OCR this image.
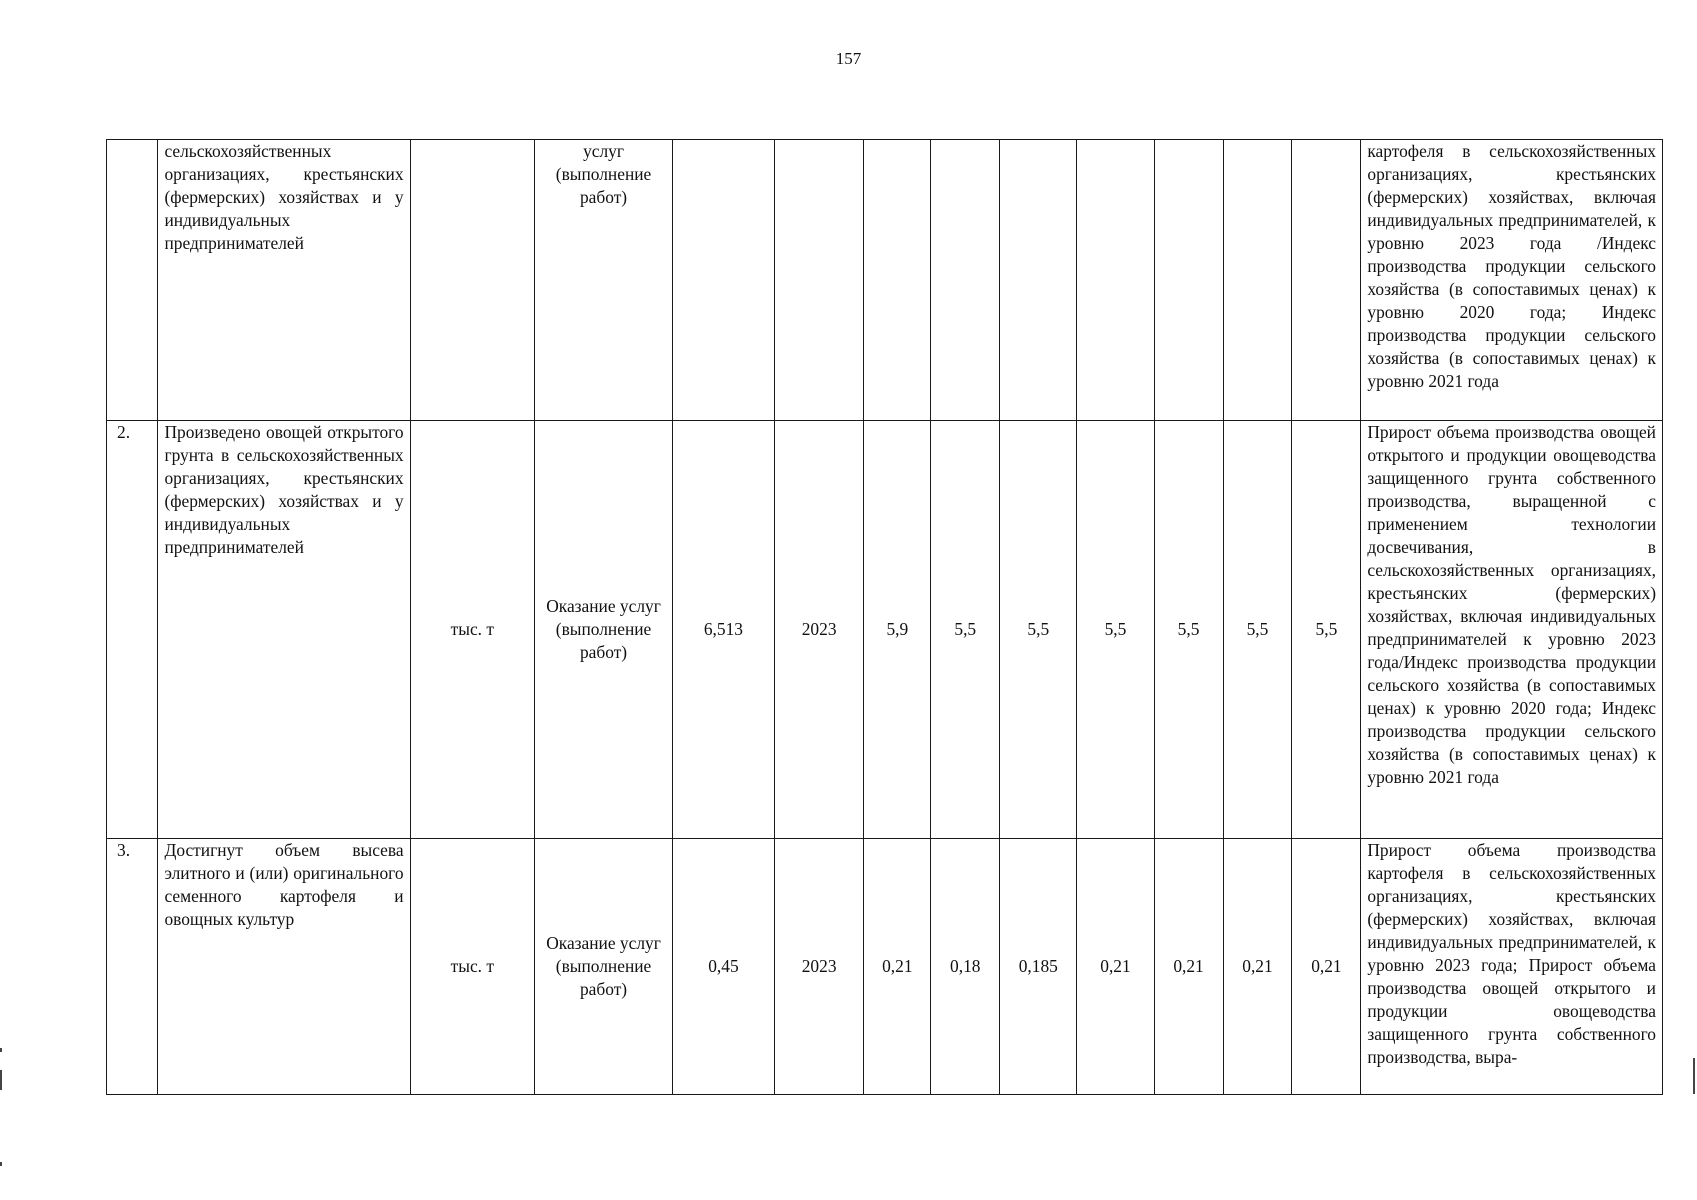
157
	сельскохозяйственных организациях, крестьянских (фермерских) хозяйствах и у индивидуальных предпринимателей		услуг (выполнение работ)										картофеля в сельскохозяйственных организациях, крестьянских (фермерских) хозяйствах, включая индивидуальных предпринимателей, к уровню 2023 года /Индекс производства продукции сельского хозяйства (в сопоставимых ценах) к уровню 2020 года; Индекс производства продукции сельского хозяйства (в сопоставимых ценах) к уровню 2021 года
2.	Произведено овощей открытого грунта в сельскохозяйственных организациях, крестьянских (фермерских) хозяйствах и у индивидуальных предпринимателей	тыс. т	Оказание услуг (выполнение работ)	6,513	2023	5,9	5,5	5,5	5,5	5,5	5,5	5,5	Прирост объема производства овощей открытого и продукции овощеводства защищенного грунта собственного производства, выращенной с применением технологии досвечивания, в сельскохозяйственных организациях, крестьянских (фермерских) хозяйствах, включая индивидуальных предпринимателей к уровню 2023 года/Индекс производства продукции сельского хозяйства (в сопоставимых ценах) к уровню 2020 года; Индекс производства продукции сельского хозяйства (в сопоставимых ценах) к уровню 2021 года
3.	Достигнут объем высева элитного и (или) оригинального семенного картофеля и овощных культур	тыс. т	Оказание услуг (выполнение работ)	0,45	2023	0,21	0,18	0,185	0,21	0,21	0,21	0,21	Прирост объема производства картофеля в сельскохозяйственных организациях, крестьянских (фермерских) хозяйствах, включая индивидуальных предпринимателей, к уровню 2023 года; Прирост объема производства овощей открытого и продукции овощеводства защищенного грунта собственного производства, выра-
